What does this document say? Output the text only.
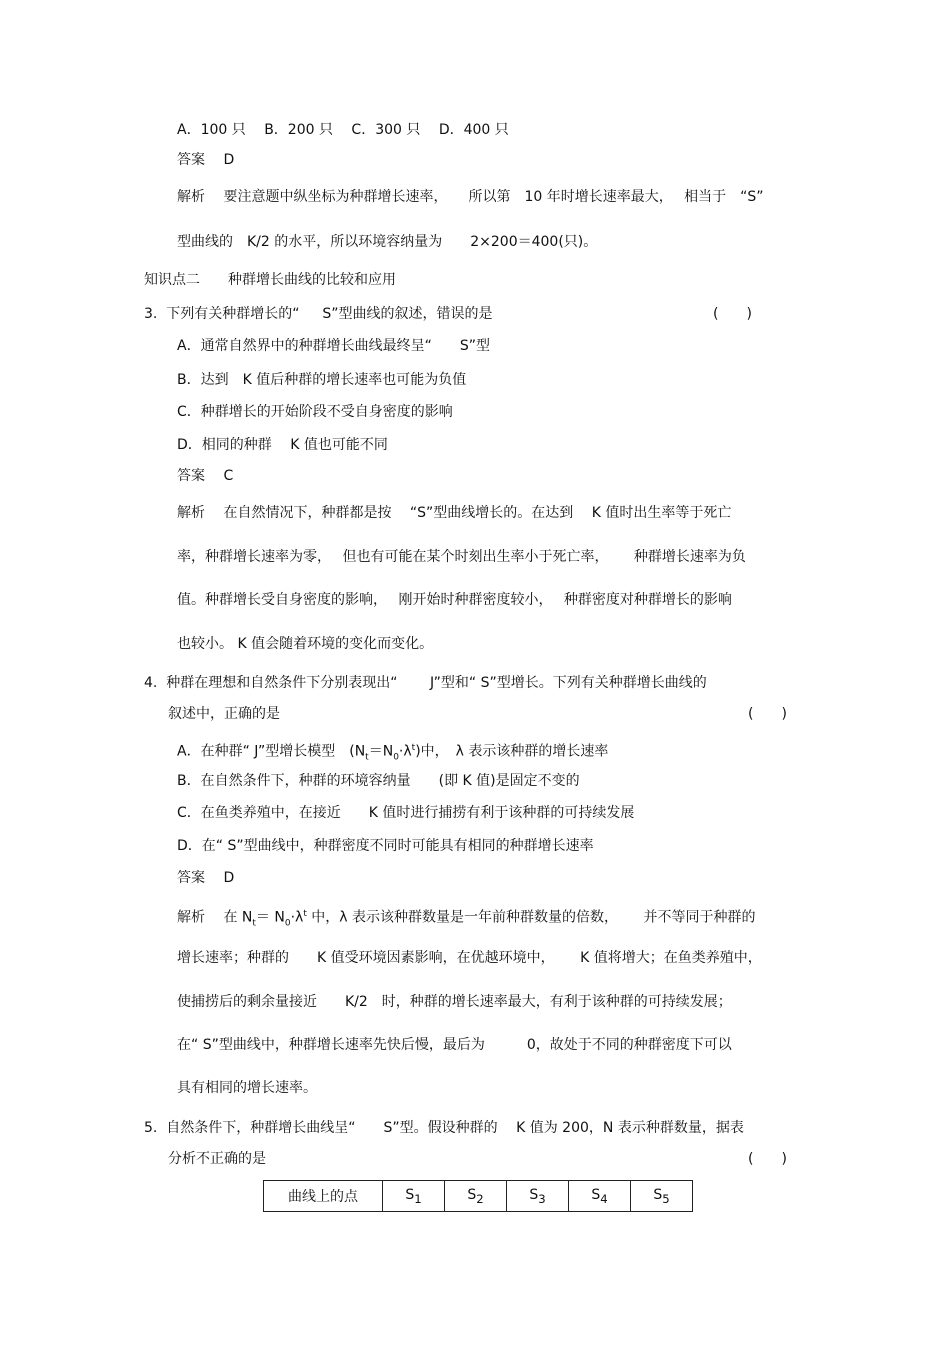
A．100 只　 B．200 只　 C．300 只　 D．400 只
答案　 D
解析　 要注意题中纵坐标为种群增长速率，　　所以第　10 年时增长速率最大，　 相当于　“S”
型曲线的　K/2 的水平，所以环境容纳量为　　2×200＝400(只)。
知识点二　　种群增长曲线的比较和应用
3.  下列有关种群增长的“　  S”型曲线的叙述，错误的是	(　　)
A．通常自然界中的种群增长曲线最终呈“　　S”型
B．达到　K 值后种群的增长速率也可能为负值
C．种群增长的开始阶段不受自身密度的影响
D．相同的种群　 K 值也可能不同
答案　 C
解析　 在自然情况下，种群都是按　 “S”型曲线增长的。在达到　 K 值时出生率等于死亡
率，种群增长速率为零，　 但也有可能在某个时刻出生率小于死亡率，　　 种群增长速率为负
值。种群增长受自身密度的影响，　 刚开始时种群密度较小，　 种群密度对种群增长的影响
也较小。 K 值会随着环境的变化而变化。
4.  种群在理想和自然条件下分别表现出“　　 J”型和“ S”型增长。下列有关种群增长曲线的
叙述中，正确的是	(　　)
A．在种群“ J”型增长模型　$(N_t=N_0\cdot\lambda^t)$中，　λ 表示该种群的增长速率
B．在自然条件下，种群的环境容纳量　　(即 K 值)是固定不变的
C．在鱼类养殖中，在接近　　K 值时进行捕捞有利于该种群的可持续发展
D．在“ S”型曲线中，种群密度不同时可能具有相同的种群增长速率
答案　 D
解析　 在 $N_t= N_0\cdot\lambda^t$ 中，λ 表示该种群数量是一年前种群数量的倍数，　　 并不等同于种群的
增长速率；种群的　　K 值受环境因素影响，在优越环境中，　　 K 值将增大；在鱼类养殖中，
使捕捞后的剩余量接近　　K/2　时，种群的增长速率最大，有利于该种群的可持续发展；
在“ S”型曲线中，种群增长速率先快后慢，最后为　　　0，故处于不同的种群密度下可以
具有相同的增长速率。
5.  自然条件下，种群增长曲线呈“　　S”型。假设种群的　 K 值为 200，N 表示种群数量，据表
分析不正确的是	(　　)
曲线上的点	$S_1$	$S_2$	$S_3$	$S_4$	$S_5$
